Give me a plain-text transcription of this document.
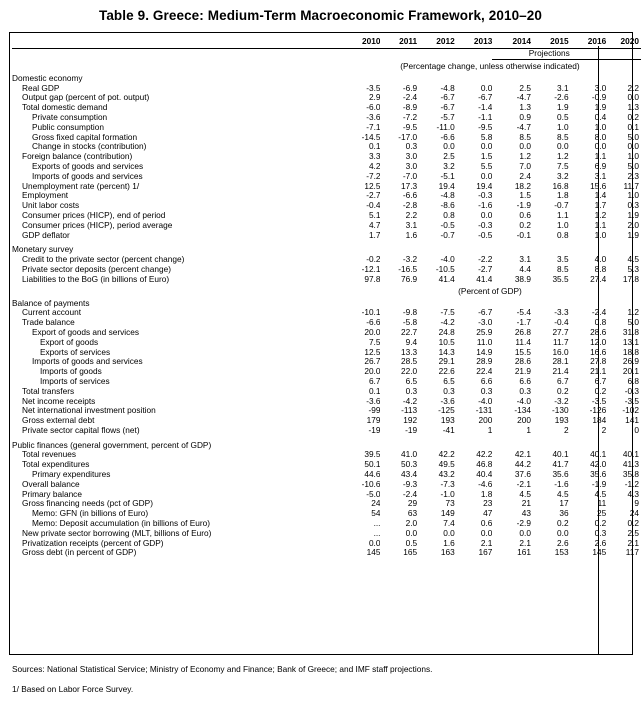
Table 9. Greece: Medium-Term Macroeconomic Framework, 2010–20
	2010	2011	2012	2013	2014	2015	2016	2020
					Projections			
	(Percentage change, unless otherwise indicated)							
Domestic economy								
Real GDP	-3.5	-6.9	-4.8	0.0	2.5	3.1	3.0	2.2
Output gap (percent of pot. output)	2.9	-2.4	-6.7	-6.7	-4.7	-2.6	-0.9	0.0
Total domestic demand	-6.0	-8.9	-6.7	-1.4	1.3	1.9	1.9	1.3
Private consumption	-3.6	-7.2	-5.7	-1.1	0.9	0.5	0.4	0.2
Public consumption	-7.1	-9.5	-11.0	-9.5	-4.7	1.0	1.0	0.1
Gross fixed capital formation	-14.5	-17.0	-6.6	5.8	8.5	8.5	8.0	5.0
Change in stocks (contribution)	0.1	0.3	0.0	0.0	0.0	0.0	0.0	0.0
Foreign balance (contribution)	3.3	3.0	2.5	1.5	1.2	1.2	1.1	1.0
Exports of goods and services	4.2	3.0	3.2	5.5	7.0	7.5	6.9	5.0
Imports of goods and services	-7.2	-7.0	-5.1	0.0	2.4	3.2	3.1	2.3
Unemployment rate (percent) 1/	12.5	17.3	19.4	19.4	18.2	16.8	15.6	11.7
Employment	-2.7	-6.6	-4.8	-0.3	1.5	1.8	1.4	1.0
Unit labor costs	-0.4	-2.8	-8.6	-1.6	-1.9	-0.7	1.7	0.3
Consumer prices (HICP), end of period	5.1	2.2	0.8	0.0	0.6	1.1	1.2	1.9
Consumer prices (HICP), period average	4.7	3.1	-0.5	-0.3	0.2	1.0	1.1	2.0
GDP deflator	1.7	1.6	-0.7	-0.5	-0.1	0.8	1.0	1.9

Monetary survey								
Credit to the private sector (percent change)	-0.2	-3.2	-4.0	-2.2	3.1	3.5	4.0	4.5
Private sector deposits (percent change)	-12.1	-16.5	-10.5	-2.7	4.4	8.5	8.8	5.3
Liabilities to the BoG (in billions of Euro)	97.8	76.9	41.4	41.4	38.9	35.5	27.4	17.8
	(Percent of GDP)							
Balance of payments								
Current account	-10.1	-9.8	-7.5	-6.7	-5.4	-3.3	-2.4	1.2
Trade balance	-6.6	-5.8	-4.2	-3.0	-1.7	-0.4	0.8	5.0
Export of goods and services	20.0	22.7	24.8	25.9	26.8	27.7	28.6	31.8
Export of goods	7.5	9.4	10.5	11.0	11.4	11.7	12.0	13.1
Exports of services	12.5	13.3	14.3	14.9	15.5	16.0	16.6	18.8
Imports of goods and services	26.7	28.5	29.1	28.9	28.6	28.1	27.8	26.9
Imports of goods	20.0	22.0	22.6	22.4	21.9	21.4	21.1	20.1
Imports of services	6.7	6.5	6.5	6.6	6.6	6.7	6.7	6.8
Total transfers	0.1	0.3	0.3	0.3	0.3	0.2	0.2	-0.3
Net income receipts	-3.6	-4.2	-3.6	-4.0	-4.0	-3.2	-3.5	-3.5
Net international investment position	-99	-113	-125	-131	-134	-130	-126	-102
Gross external debt	179	192	193	200	200	193	184	141
Private sector capital flows (net)	-19	-19	-41	1	1	2	2	0

Public finances (general government, percent of GDP)								
Total revenues	39.5	41.0	42.2	42.2	42.1	40.1	40.1	40.1
Total expenditures	50.1	50.3	49.5	46.8	44.2	41.7	42.0	41.3
Primary expenditures	44.6	43.4	43.2	40.4	37.6	35.6	35.6	35.8
Overall balance	-10.6	-9.3	-7.3	-4.6	-2.1	-1.6	-1.9	-1.2
Primary balance	-5.0	-2.4	-1.0	1.8	4.5	4.5	4.5	4.3
Gross financing needs (pct of GDP)	24	29	73	23	21	17	11	9
Memo: GFN (in billions of Euro)	54	63	149	47	43	36	25	24
Memo: Deposit accumulation (in billions of Euro)	...	2.0	7.4	0.6	-2.9	0.2	0.2	0.2
New private sector borrowing (MLT, billions of Euro)	...	0.0	0.0	0.0	0.0	0.0	0.3	2.5
Privatization receipts (percent of GDP)	0.0	0.5	1.6	2.1	2.1	2.6	2.6	2.1
Gross debt (in percent of GDP)	145	165	163	167	161	153	145	117
Sources: National Statistical Service; Ministry of Economy and Finance; Bank of Greece; and IMF staff projections.
1/ Based on Labor Force Survey.
